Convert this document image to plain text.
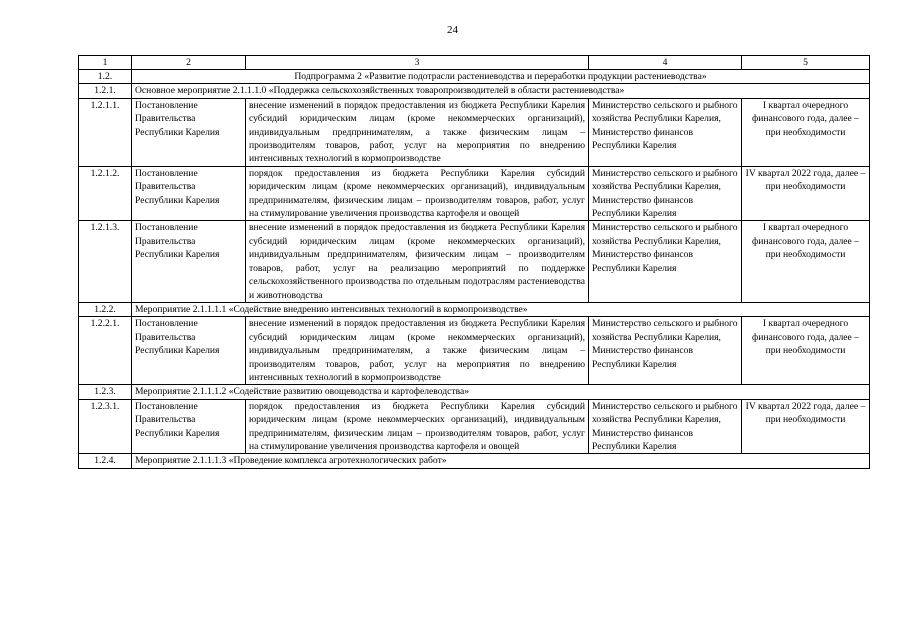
24
1	2	3	4	5
1.2.	Подпрограмма 2 «Развитие подотрасли растениеводства и переработки продукции растениеводства»			
1.2.1.	Основное мероприятие 2.1.1.1.0 «Поддержка сельскохозяйственных товаропроизводителей в области растениеводства»			
1.2.1.1.	Постановление Правительства Республики Карелия	внесение изменений в порядок предоставления из бюджета Республики Карелия субсидий юридическим лицам (кроме некоммерческих организаций), индивидуальным предпринимателям, а также физическим лицам – производителям товаров, работ, услуг на мероприятия по внедрению интенсивных технологий в кормопроизводстве	Министерство сельского и рыбного хозяйства Республики Карелия, Министерство финансов Республики Карелия	I квартал очередного финансового года, далее – при необходимости
1.2.1.2.	Постановление Правительства Республики Карелия	порядок предоставления из бюджета Республики Карелия субсидий юридическим лицам (кроме некоммерческих организаций), индивидуальным предпринимателям, физическим лицам – производителям товаров, работ, услуг на стимулирование увеличения производства картофеля и овощей	Министерство сельского и рыбного хозяйства Республики Карелия, Министерство финансов Республики Карелия	IV квартал 2022 года, далее – при необходимости
1.2.1.3.	Постановление Правительства Республики Карелия	внесение изменений в порядок предоставления из бюджета Республики Карелия субсидий юридическим лицам (кроме некоммерческих организаций), индивидуальным предпринимателям, физическим лицам – производителям товаров, работ, услуг на реализацию мероприятий по поддержке сельскохозяйственного производства по отдельным подотраслям растениеводства и животноводства	Министерство сельского и рыбного хозяйства Республики Карелия, Министерство финансов Республики Карелия	I квартал очередного финансового года, далее – при необходимости
1.2.2.	Мероприятие 2.1.1.1.1 «Содействие внедрению интенсивных технологий в кормопроизводстве»			
1.2.2.1.	Постановление Правительства Республики Карелия	внесение изменений в порядок предоставления из бюджета Республики Карелия субсидий юридическим лицам (кроме некоммерческих организаций), индивидуальным предпринимателям, а также физическим лицам – производителям товаров, работ, услуг на мероприятия по внедрению интенсивных технологий в кормопроизводстве	Министерство сельского и рыбного хозяйства Республики Карелия, Министерство финансов Республики Карелия	I квартал очередного финансового года, далее – при необходимости
1.2.3.	Мероприятие 2.1.1.1.2 «Содействие развитию овощеводства и картофелеводства»			
1.2.3.1.	Постановление Правительства Республики Карелия	порядок предоставления из бюджета Республики Карелия субсидий юридическим лицам (кроме некоммерческих организаций), индивидуальным предпринимателям, физическим лицам – производителям товаров, работ, услуг на стимулирование увеличения производства картофеля и овощей	Министерство сельского и рыбного хозяйства Республики Карелия, Министерство финансов Республики Карелия	IV квартал 2022 года, далее – при необходимости
1.2.4.	Мероприятие 2.1.1.1.3 «Проведение комплекса агротехнологических работ»			
